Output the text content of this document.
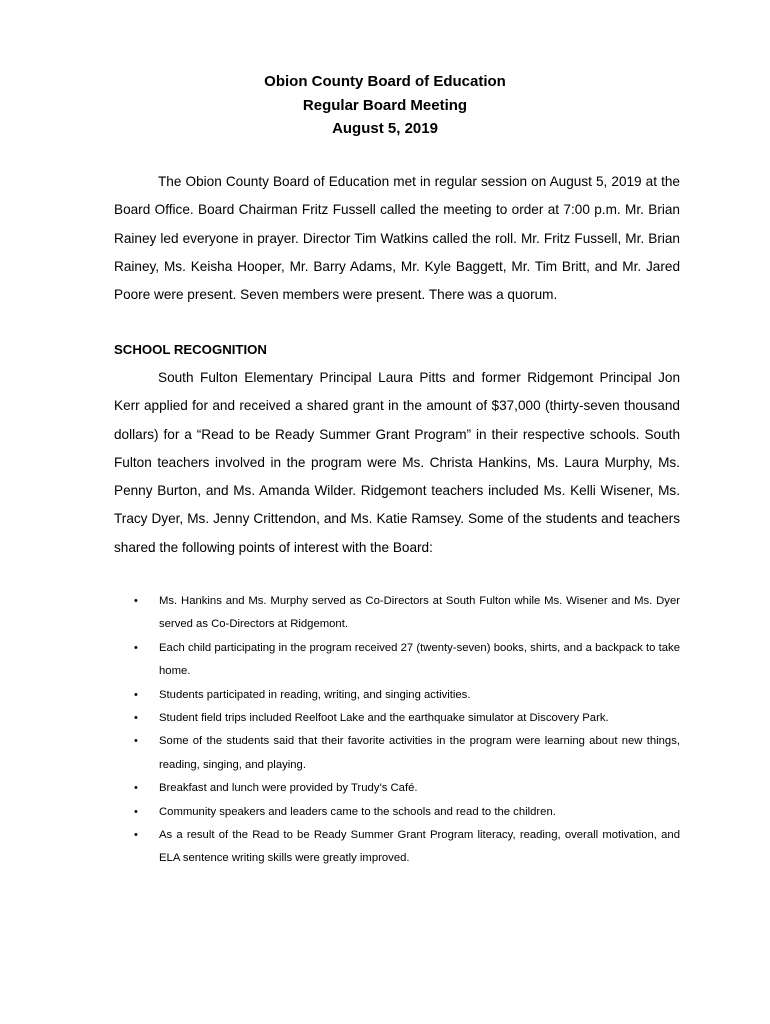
Obion County Board of Education
Regular Board Meeting
August 5, 2019

The Obion County Board of Education met in regular session on August 5, 2019 at the Board Office. Board Chairman Fritz Fussell called the meeting to order at 7:00 p.m. Mr. Brian Rainey led everyone in prayer. Director Tim Watkins called the roll. Mr. Fritz Fussell, Mr. Brian Rainey, Ms. Keisha Hooper, Mr. Barry Adams, Mr. Kyle Baggett, Mr. Tim Britt, and Mr. Jared Poore were present. Seven members were present. There was a quorum.

SCHOOL RECOGNITION

South Fulton Elementary Principal Laura Pitts and former Ridgemont Principal Jon Kerr applied for and received a shared grant in the amount of $37,000 (thirty-seven thousand dollars) for a “Read to be Ready Summer Grant Program” in their respective schools. South Fulton teachers involved in the program were Ms. Christa Hankins, Ms. Laura Murphy, Ms. Penny Burton, and Ms. Amanda Wilder. Ridgemont teachers included Ms. Kelli Wisener, Ms. Tracy Dyer, Ms. Jenny Crittendon, and Ms. Katie Ramsey. Some of the students and teachers shared the following points of interest with the Board:

• Ms. Hankins and Ms. Murphy served as Co-Directors at South Fulton while Ms. Wisener and Ms. Dyer served as Co-Directors at Ridgemont.
• Each child participating in the program received 27 (twenty-seven) books, shirts, and a backpack to take home.
• Students participated in reading, writing, and singing activities.
• Student field trips included Reelfoot Lake and the earthquake simulator at Discovery Park.
• Some of the students said that their favorite activities in the program were learning about new things, reading, singing, and playing.
• Breakfast and lunch were provided by Trudy’s Café.
• Community speakers and leaders came to the schools and read to the children.
• As a result of the Read to be Ready Summer Grant Program literacy, reading, overall motivation, and ELA sentence writing skills were greatly improved.
